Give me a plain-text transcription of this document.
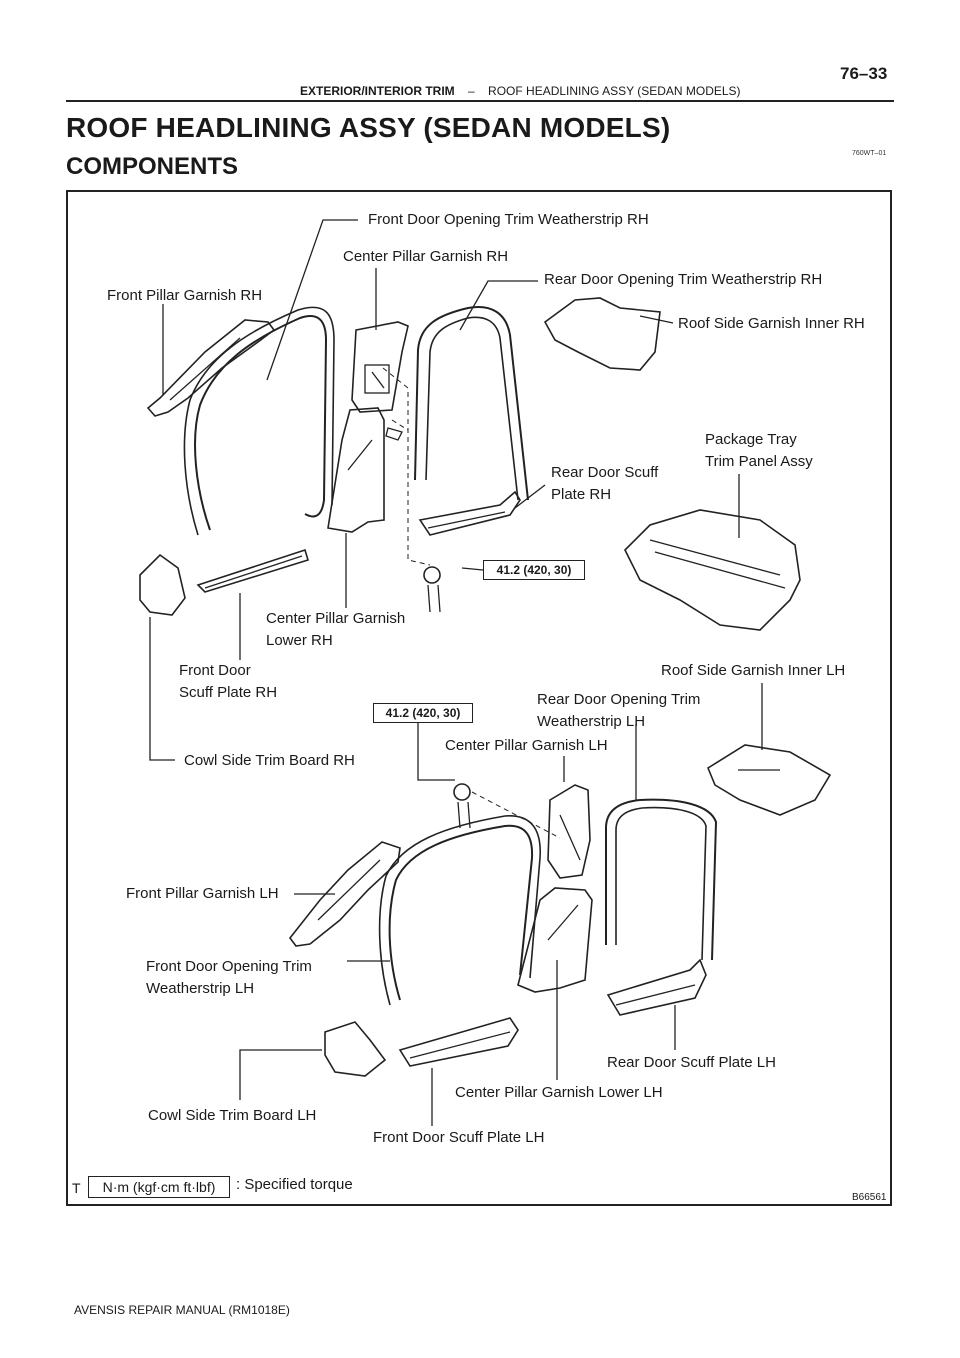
76–33
EXTERIOR/INTERIOR TRIM – ROOF HEADLINING ASSY (SEDAN MODELS)
ROOF HEADLINING ASSY (SEDAN MODELS)
COMPONENTS	760WT–01
Front Door Opening Trim Weatherstrip RH
Center Pillar Garnish RH
Rear Door Opening Trim Weatherstrip RH
Front Pillar Garnish RH
Roof Side Garnish Inner RH
Package Tray
Trim Panel Assy
Rear Door Scuff
Plate RH
41.2 (420, 30)
Center Pillar Garnish
Lower RH
Front Door
Scuff Plate RH
Roof Side Garnish Inner LH
Rear Door Opening Trim
Weatherstrip LH
41.2 (420, 30)
Center Pillar Garnish LH
Cowl Side Trim Board RH
Front Pillar Garnish LH
Front Door Opening Trim
Weatherstrip LH
Rear Door Scuff Plate LH
Center Pillar Garnish Lower LH
Cowl Side Trim Board LH
Front Door Scuff Plate LH
T	N·m (kgf·cm ft·lbf)	: Specified torque
B66561
AVENSIS REPAIR MANUAL (RM1018E)
